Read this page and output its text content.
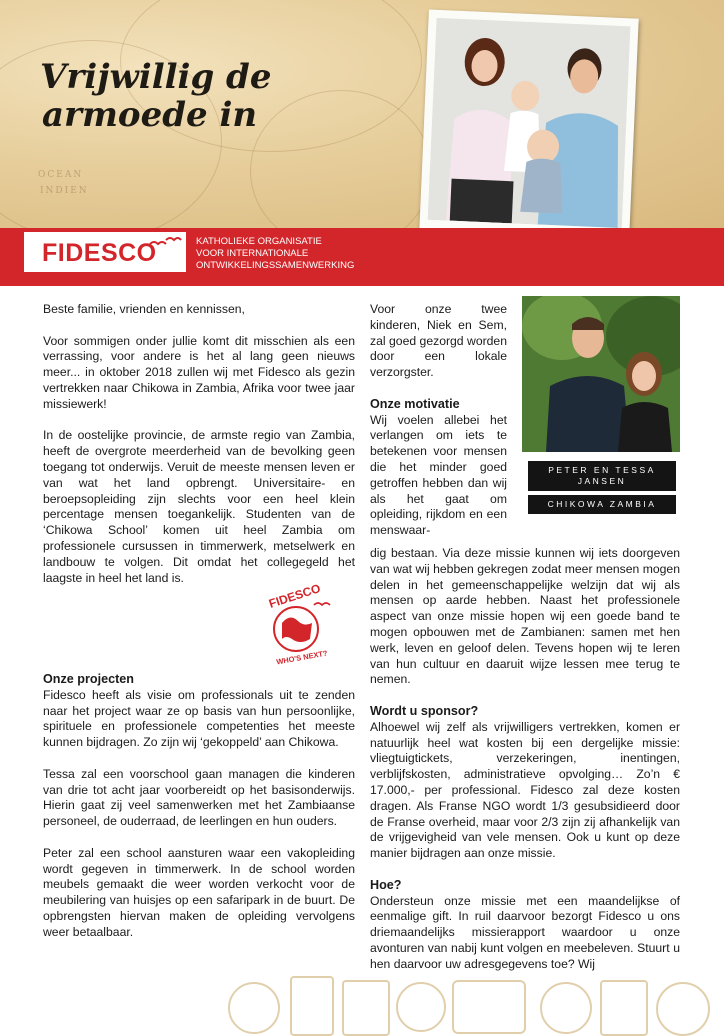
OCEAN
INDIEN
Vrijwillig de
armoede in
FIDESCO	KATHOLIEKE ORGANISATIE
VOOR INTERNATIONALE
ONTWIKKELINGSSAMENWERKING

Beste familie, vrienden en kennissen,

Voor sommigen onder jullie komt dit misschien als een verrassing, voor andere is het al lang geen nieuws meer... in oktober 2018 zullen wij met Fidesco als gezin vertrekken naar Chikowa in Zambia, Afrika voor twee jaar missiewerk!

In de oostelijke provincie, de armste regio van Zambia, heeft de overgrote meerderheid van de bevolking geen toegang tot onderwijs. Veruit de meeste mensen leven er van wat het land opbrengt. Universitaire- en beroepsopleiding zijn slechts voor een heel klein percentage mensen toegankelijk. Studenten van de ‘Chikowa School’ komen uit heel Zambia om professionele cursussen in timmerwerk, metselwerk en landbouw te volgen. Dit omdat het collegegeld het laagste in heel het land is.

FIDESCO
WHO'S NEXT?
Onze projecten

Fidesco heeft als visie om professionals uit te zenden naar het project waar ze op basis van hun persoonlijke, spirituele en professionele competenties het meeste kunnen bijdragen. Zo zijn wij ‘gekoppeld’ aan Chikowa.

Tessa zal een voorschool gaan managen die kinderen van drie tot acht jaar voorbereidt op het basisonderwijs. Hierin gaat zij veel samenwerken met het Zambiaanse personeel, de ouderraad, de leerlingen en hun ouders.

Peter zal een school aansturen waar een vakopleiding wordt gegeven in timmerwerk. In de school worden meubels gemaakt die weer worden verkocht voor de meubilering van huisjes op een safaripark in de buurt. De opbrengsten hiervan maken de opleiding vervolgens weer betaalbaar.

Voor onze twee kinderen, Niek en Sem, zal goed gezorgd worden door een lokale verzorgster.

Onze motivatie

Wij voelen allebei het verlangen om iets te betekenen voor mensen die het minder goed getroffen hebben dan wij als het gaat om opleiding, rijkdom en een menswaar-

PETER EN TESSA JANSEN
CHIKOWA ZAMBIA

dig bestaan. Via deze missie kunnen wij iets doorgeven van wat wij hebben gekregen zodat meer mensen mogen delen in het gemeenschappelijke welzijn dat wij als mensen op aarde hebben. Naast het professionele aspect van onze missie hopen wij een goede band te mogen opbouwen met de Zambianen: samen met hen werk, leven en geloof delen. Tevens hopen wij te leren van hun cultuur en daaruit wijze lessen mee terug te nemen.

Wordt u sponsor?

Alhoewel wij zelf als vrijwilligers vertrekken, komen er natuurlijk heel wat kosten bij een dergelijke missie: vliegtuigtickets, verzekeringen, inentingen, verblijfskosten, administratieve opvolging… Zo’n € 17.000,- per professional. Fidesco zal deze kosten dragen. Als Franse NGO wordt 1/3 gesubsidieerd door de Franse overheid, maar voor 2/3 zijn zij afhankelijk van de vrijgevigheid van vele mensen. Ook u kunt op deze manier bijdragen aan onze missie.

Hoe?

Ondersteun onze missie met een maandelijkse of eenmalige gift. In ruil daarvoor bezorgt Fidesco u ons driemaandelijks missierapport waardoor u onze avonturen van nabij kunt volgen en meebeleven. Stuurt u hen daarvoor uw adresgegevens toe? Wij
